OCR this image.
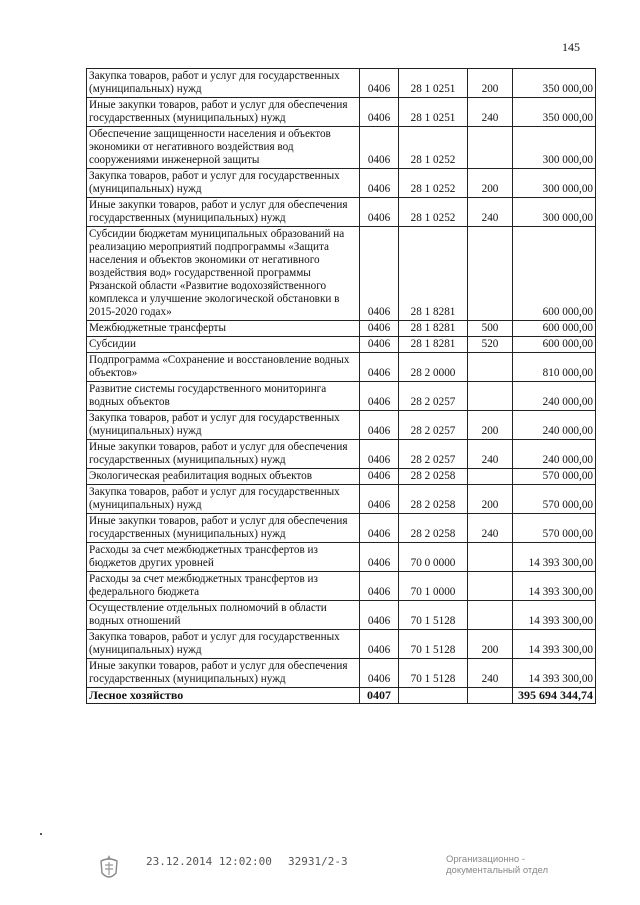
145
Закупка товаров, работ и услуг для государственных (муниципальных) нужд	0406	28 1 0251	200	350 000,00
Иные закупки товаров, работ и услуг для обеспечения государственных (муниципальных) нужд	0406	28 1 0251	240	350 000,00
Обеспечение защищенности населения и объектов экономики от негативного воздействия вод сооружениями инженерной защиты	0406	28 1 0252		300 000,00
Закупка товаров, работ и услуг для государственных (муниципальных) нужд	0406	28 1 0252	200	300 000,00
Иные закупки товаров, работ и услуг для обеспечения государственных (муниципальных) нужд	0406	28 1 0252	240	300 000,00
Субсидии бюджетам муниципальных образований на реализацию мероприятий подпрограммы «Защита населения и объектов экономики от негативного воздействия вод» государственной программы Рязанской области «Развитие водохозяйственного комплекса и улучшение экологической обстановки в 2015-2020 годах»	0406	28 1 8281		600 000,00
Межбюджетные трансферты	0406	28 1 8281	500	600 000,00
Субсидии	0406	28 1 8281	520	600 000,00
Подпрограмма «Сохранение и восстановление водных объектов»	0406	28 2 0000		810 000,00
Развитие системы государственного мониторинга водных объектов	0406	28 2 0257		240 000,00
Закупка товаров, работ и услуг для государственных (муниципальных) нужд	0406	28 2 0257	200	240 000,00
Иные закупки товаров, работ и услуг для обеспечения государственных (муниципальных) нужд	0406	28 2 0257	240	240 000,00
Экологическая реабилитация водных объектов	0406	28 2 0258		570 000,00
Закупка товаров, работ и услуг для государственных (муниципальных) нужд	0406	28 2 0258	200	570 000,00
Иные закупки товаров, работ и услуг для обеспечения государственных (муниципальных) нужд	0406	28 2 0258	240	570 000,00
Расходы за счет межбюджетных трансфертов из бюджетов других уровней	0406	70 0 0000		14 393 300,00
Расходы за счет межбюджетных трансфертов из федерального бюджета	0406	70 1 0000		14 393 300,00
Осуществление отдельных полномочий в области водных отношений	0406	70 1 5128		14 393 300,00
Закупка товаров, работ и услуг для государственных (муниципальных) нужд	0406	70 1 5128	200	14 393 300,00
Иные закупки товаров, работ и услуг для обеспечения государственных (муниципальных) нужд	0406	70 1 5128	240	14 393 300,00
Лесное хозяйство	0407			395 694 344,74
23.12.2014 12:02:00 32931/2-3	Организационно -
документальный отдел
